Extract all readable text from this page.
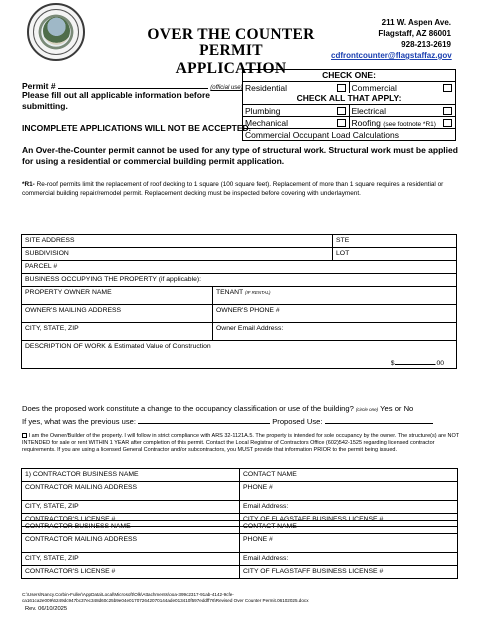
OVER THE COUNTER
PERMIT APPLICATION
211 W. Aspen Ave.
Flagstaff, AZ 86001
928-213-2619
cdfrontcounter@flagstaffaz.gov
Permit #	(official use)
Please fill out all applicable information before submitting.
INCOMPLETE APPLICATIONS WILL NOT BE ACCEPTED.
CHECK ONE:
Residential	Commercial
CHECK ALL THAT APPLY:
Plumbing	Electrical
Mechanical	Roofing (see footnote *R1)
Commercial Occupant Load Calculations
An Over-the-Counter permit cannot be used for any type of structural work. Structural work must be applied for using a residential or commercial building permit application.
*R1- Re-roof permits limit the replacement of roof decking to 1 square (100 square feet). Replacement of more than 1 square requires a residential or commercial building repair/remodel permit. Replacement decking must be inspected before covering with underlayment.
SITE ADDRESS		STE
SUBDIVISION		LOT
PARCEL #		
BUSINESS OCCUPYING THE PROPERTY (if applicable):		
PROPERTY OWNER NAME	TENANT (IF RENTAL)	
OWNER'S MAILING ADDRESS	OWNER'S PHONE #	
CITY, STATE, ZIP	Owner Email Address:	
DESCRIPTION OF WORK & Estimated Value of Construction
$ .00		
Does the proposed work constitute a change to the occupancy classification or use of the building? (circle one) Yes or No
If yes, what was the previous use:	Proposed Use:
I am the Owner/Builder of the property. I will follow in strict compliance with ARS 32-1121A.5. The property is intended for sole occupancy by the owner. The structure(s) are NOT INTENDED for sale or rent WITHIN 1 YEAR after completion of this permit. Contact the Local Registrar of Contractors Office (602)542-1525 regarding licensed contractor requirements. If you are using a licensed General Contractor and/or subcontractors, you MUST provide that information PRIOR to the permit being issued.
1) CONTRACTOR BUSINESS NAME	CONTACT NAME
CONTRACTOR MAILING ADDRESS	PHONE #
CITY, STATE, ZIP	Email Address:
CONTRACTOR'S LICENSE #	CITY OF FLAGSTAFF BUSINESS LICENSE #
CONTRACTOR BUSINESS NAME	CONTACT NAME
CONTRACTOR MAILING ADDRESS	PHONE #
CITY, STATE, ZIP	Email Address:
CONTRACTOR'S LICENSE #	CITY OF FLAGSTAFF BUSINESS LICENSE #
C:\Users\Nancy.Corbin-Fuller\AppData\Local\Microsoft\Olk\Attachments\ooa-399c2317-91ab-4142-9cfe-
ca161ca2e009\6249dc947bc37ec348d60c25b9e04e017072642070144ade013410f597eddff76\Revised Over Counter Permit.06102025.docx
Rev. 06/10/2025
